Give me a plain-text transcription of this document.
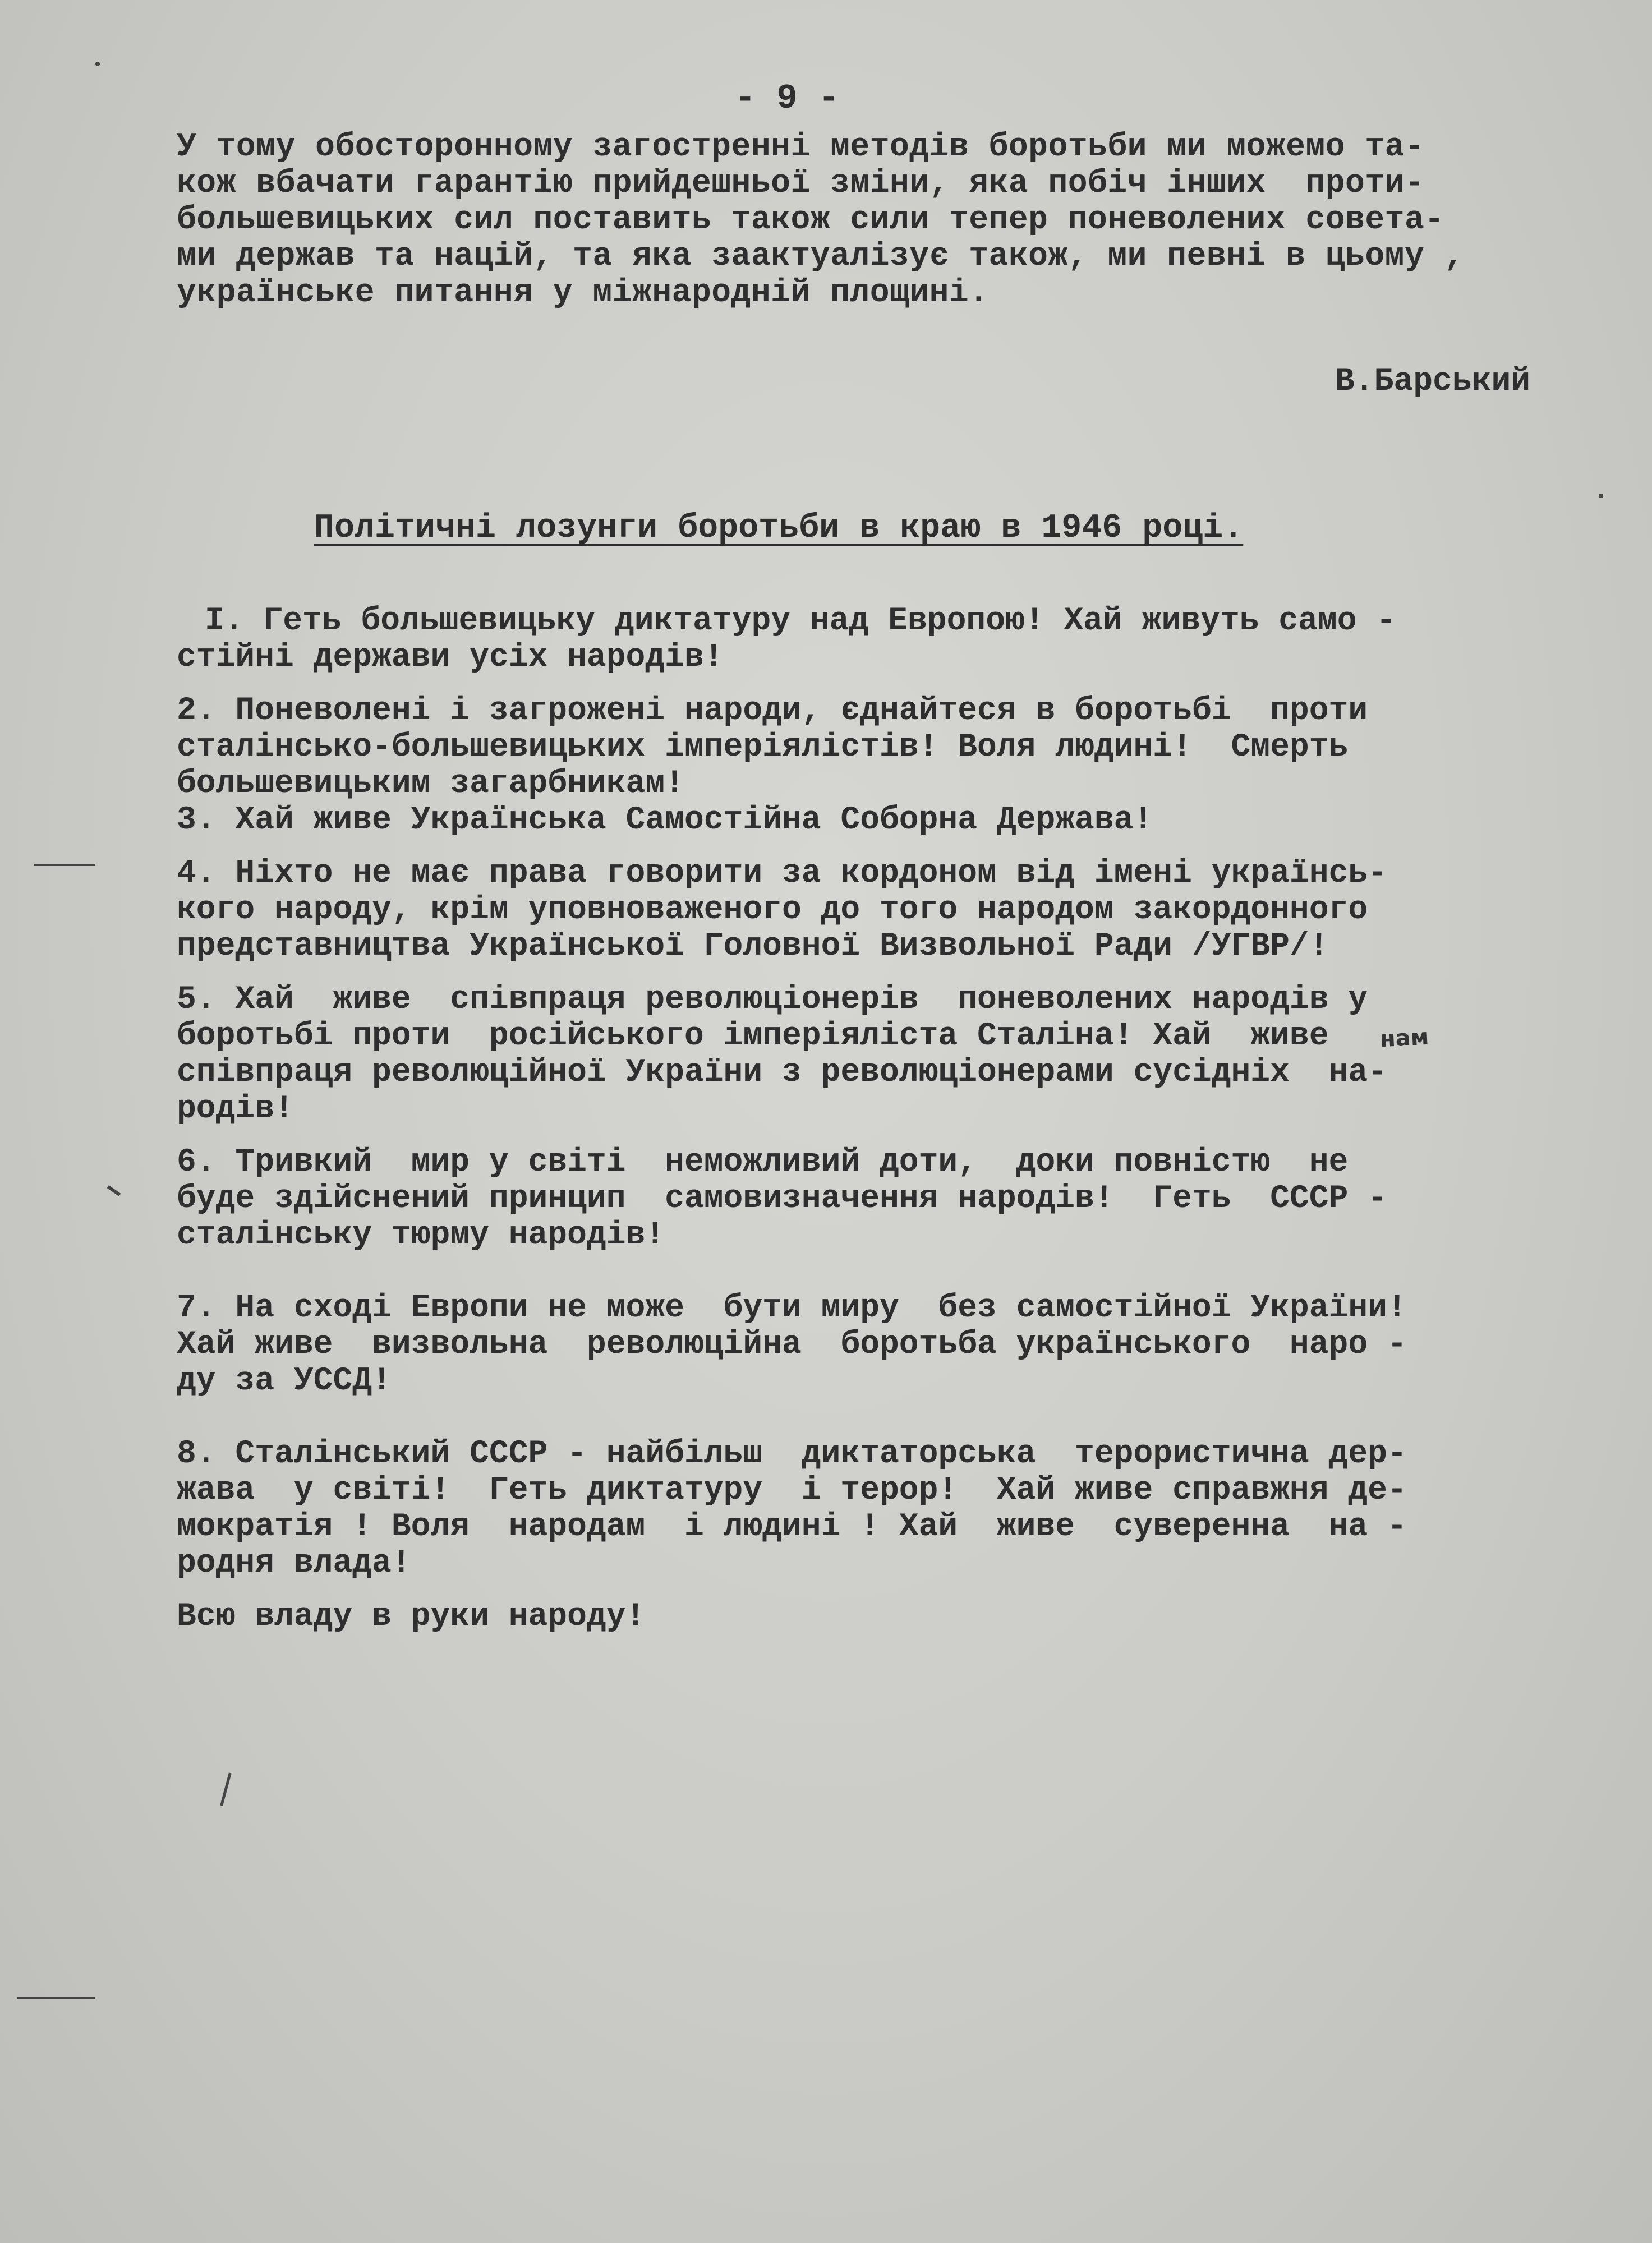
- 9 -
У тому обосторонному загостренні методів боротьби ми можемо та-
кож вбачати гарантію прийдешньої зміни, яка побіч інших  проти-
большевицьких сил поставить також сили тепер поневолених совета-
ми держав та націй, та яка заактуалізує також, ми певні в цьому ,
українське питання у міжнародній площині.
В.Барський
Політичні лозунги боротьби в краю в 1946 році.
I. Геть большевицьку диктатуру над Европою! Хай живуть само -
стійні держави усіх народів!
2. Поневолені і загрожені народи, єднайтеся в боротьбі  проти
сталінсько-большевицьких імперіялістів! Воля людині!  Смерть
большевицьким загарбникам!
3. Хай живе Українська Самостійна Соборна Держава!
4. Ніхто не має права говорити за кордоном від імені українсь-
кого народу, крім уповноваженого до того народом закордонного
представництва Української Головної Визвольної Ради /УГВР/!
5. Хай  живе  співпраця революціонерів  поневолених народів у
боротьбі проти  російського імперіяліста Сталіна! Хай  живе
співпраця революційної України з революціонерами сусідніх  на-
родів!
нам
6. Тривкий  мир у світі  неможливий доти,  доки повністю  не
буде здійснений принцип  самовизначення народів!  Геть  СССР -
сталінську тюрму народів!
7. На сході Европи не може  бути миру  без самостійної України!
Хай живе  визвольна  революційна  боротьба українського  наро -
ду за УССД!
8. Сталінський СССР - найбільш  диктаторська  терористична дер-
жава  у світі!  Геть диктатуру  і терор!  Хай живе справжня де-
мократія ! Воля  народам  і людині ! Хай  живе  суверенна  на -
родня влада!
Всю владу в руки народу!
